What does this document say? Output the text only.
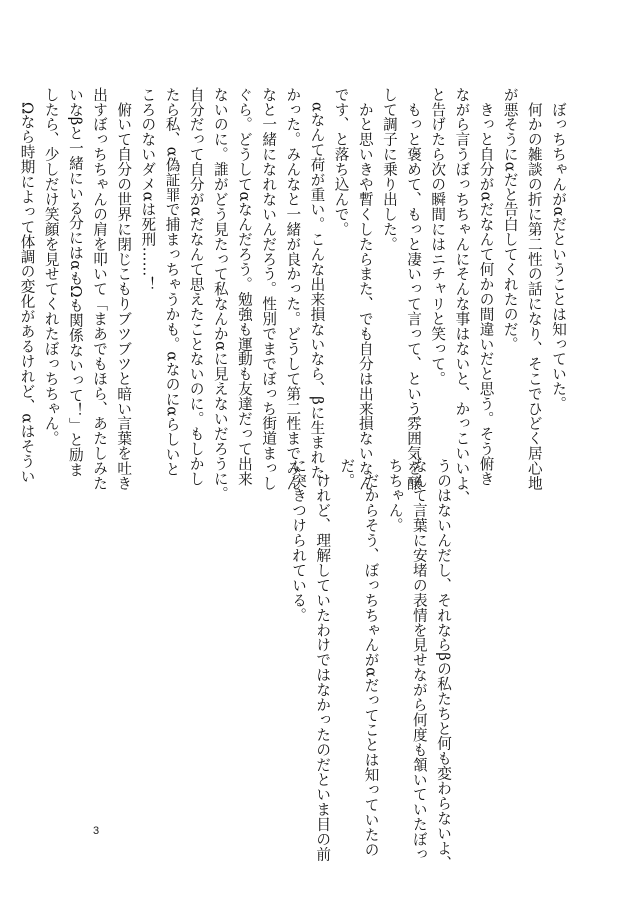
　ぼっちちゃんがαだということは知っていた。
　何かの雑談の折に第二性の話になり、そこでひどく居心地
が悪そうにαだと告白してくれたのだ。
　きっと自分がαだなんて何かの間違いだと思う。そう俯き
ながら言うぼっちちゃんにそんな事はないと、かっこいいよ、
と告げたら次の瞬間にはニチャリと笑って。
　もっと褒めて、もっと凄いって言って、という雰囲気を醸
して調子に乗り出した。
　かと思いきや暫くしたらまた、でも自分は出来損ないなん
です、と落ち込んで。
　αなんて荷が重い。こんな出来損ないなら、βに生まれた
かった。みんなと一緒が良かった。どうして第二性までみん
なと一緒になれないんだろう。性別でまでぼっち街道まっし
ぐら。どうしてαなんだろう。勉強も運動も友達だって出来
ないのに。誰がどう見たって私なんかαに見えないだろうに。
自分だって自分がαだなんて思えたことないのに。もしかし
たら私、α偽証罪で捕まっちゃうかも。αなのにαらしいと
ころのないダメαは死刑……！
　俯いて自分の世界に閉じこもりブツブツと暗い言葉を吐き
出すぼっちちゃんの肩を叩いて「まあでもほら、あたしみた
いなβと一緒にいる分にはαもΩも関係ないって！」と励ま
したら、少しだけ笑顔を見せてくれたぼっちちゃん。
　Ωなら時期によって体調の変化があるけれど、αはそうい
うのはないんだし、それならβの私たちと何も変わらないよ、
なんて言葉に安堵の表情を見せながら何度も頷いていたぼっ
ちちゃん。
　だからそう、ぼっちちゃんがαだってことは知っていたの
だ。
　けれど、理解していたわけではなかったのだといま目の前
に突きつけられている。
3
